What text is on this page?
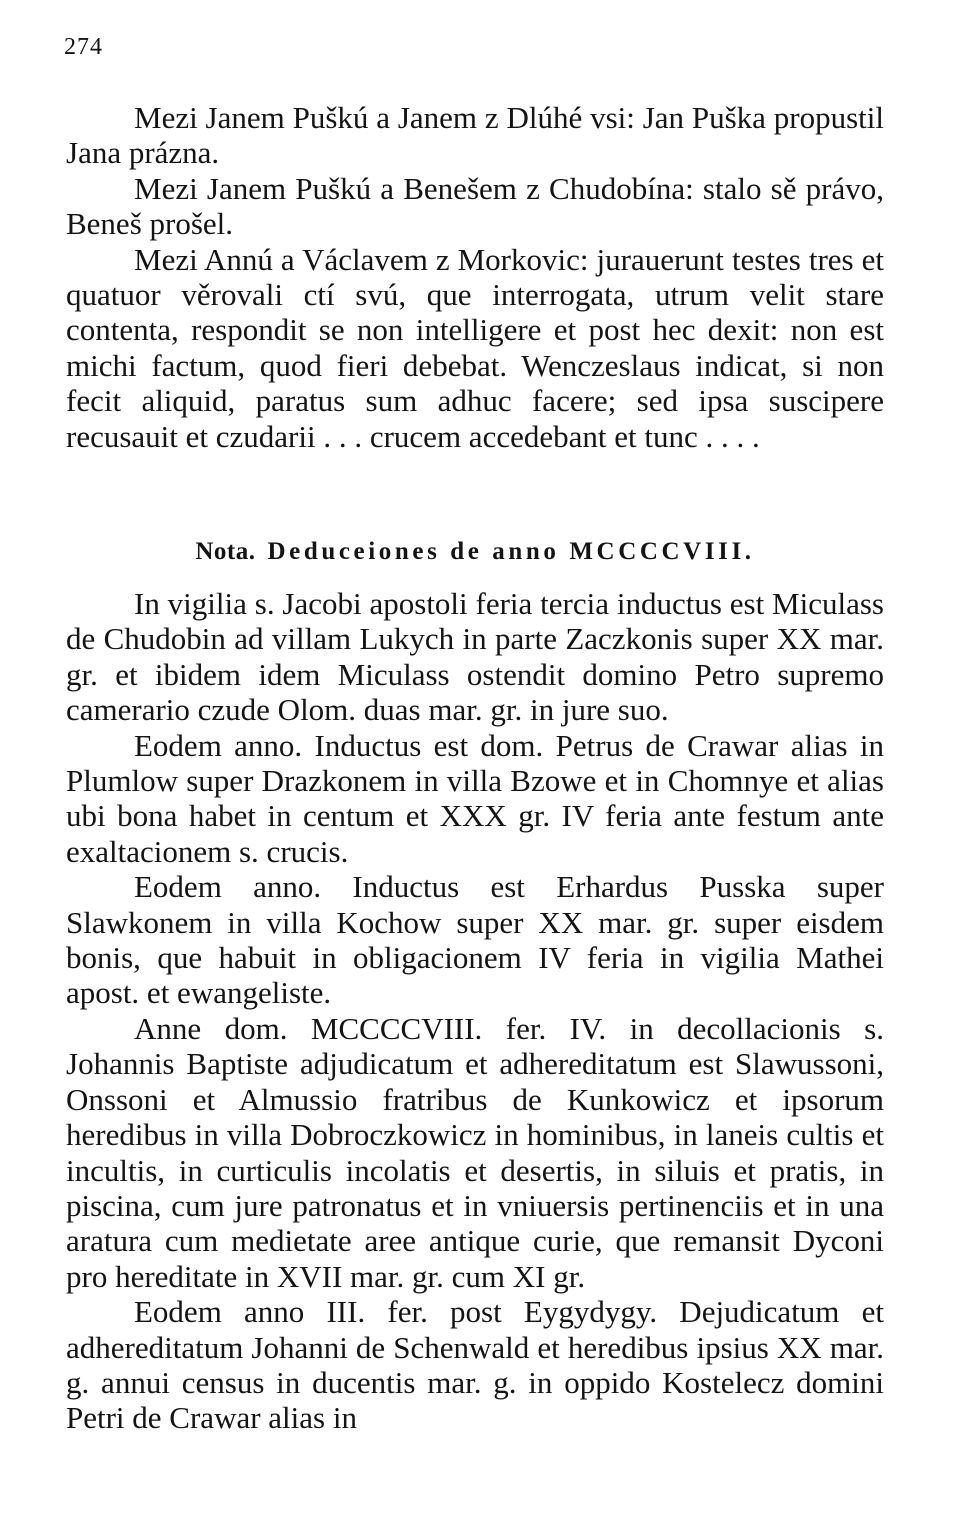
274

Mezi Janem Puškú a Janem z Dlúhé vsi: Jan Puška propustil Jana prázna.

Mezi Janem Puškú a Benešem z Chudobína: stalo sě právo, Beneš prošel.

Mezi Annú a Václavem z Morkovic: jurauerunt testes tres et quatuor věrovali ctí svú, que interrogata, utrum velit stare contenta, respondit se non intelligere et post hec dexit: non est michi factum, quod fieri debebat. Wenczeslaus indicat, si non fecit aliquid, paratus sum adhuc facere; sed ipsa suscipere recusauit et czudarii . . . crucem accedebant et tunc . . . .

Nota. Deduceiones de anno MCCCCVIII.

In vigilia s. Jacobi apostoli feria tercia inductus est Miculass de Chudobin ad villam Lukych in parte Zaczkonis super XX mar. gr. et ibidem idem Miculass ostendit domino Petro supremo camerario czude Olom. duas mar. gr. in jure suo.

Eodem anno. Inductus est dom. Petrus de Crawar alias in Plumlow super Drazkonem in villa Bzowe et in Chomnye et alias ubi bona habet in centum et XXX gr. IV feria ante festum ante exaltacionem s. crucis.

Eodem anno. Inductus est Erhardus Pusska super Slawkonem in villa Kochow super XX mar. gr. super eisdem bonis, que habuit in obligacionem IV feria in vigilia Mathei apost. et ewangeliste.

Anne dom. MCCCCVIII. fer. IV. in decollacionis s. Johannis Baptiste adjudicatum et adhereditatum est Slawussoni, Onssoni et Almussio fratribus de Kunkowicz et ipsorum heredibus in villa Dobroczkowicz in hominibus, in laneis cultis et incultis, in curticulis incolatis et desertis, in siluis et pratis, in piscina, cum jure patronatus et in vniuersis pertinenciis et in una aratura cum medietate aree antique curie, que remansit Dyconi pro hereditate in XVII mar. gr. cum XI gr.

Eodem anno III. fer. post Eygydygy. Dejudicatum et adhereditatum Johanni de Schenwald et heredibus ipsius XX mar. g. annui census in ducentis mar. g. in oppido Kostelecz domini Petri de Crawar alias in
